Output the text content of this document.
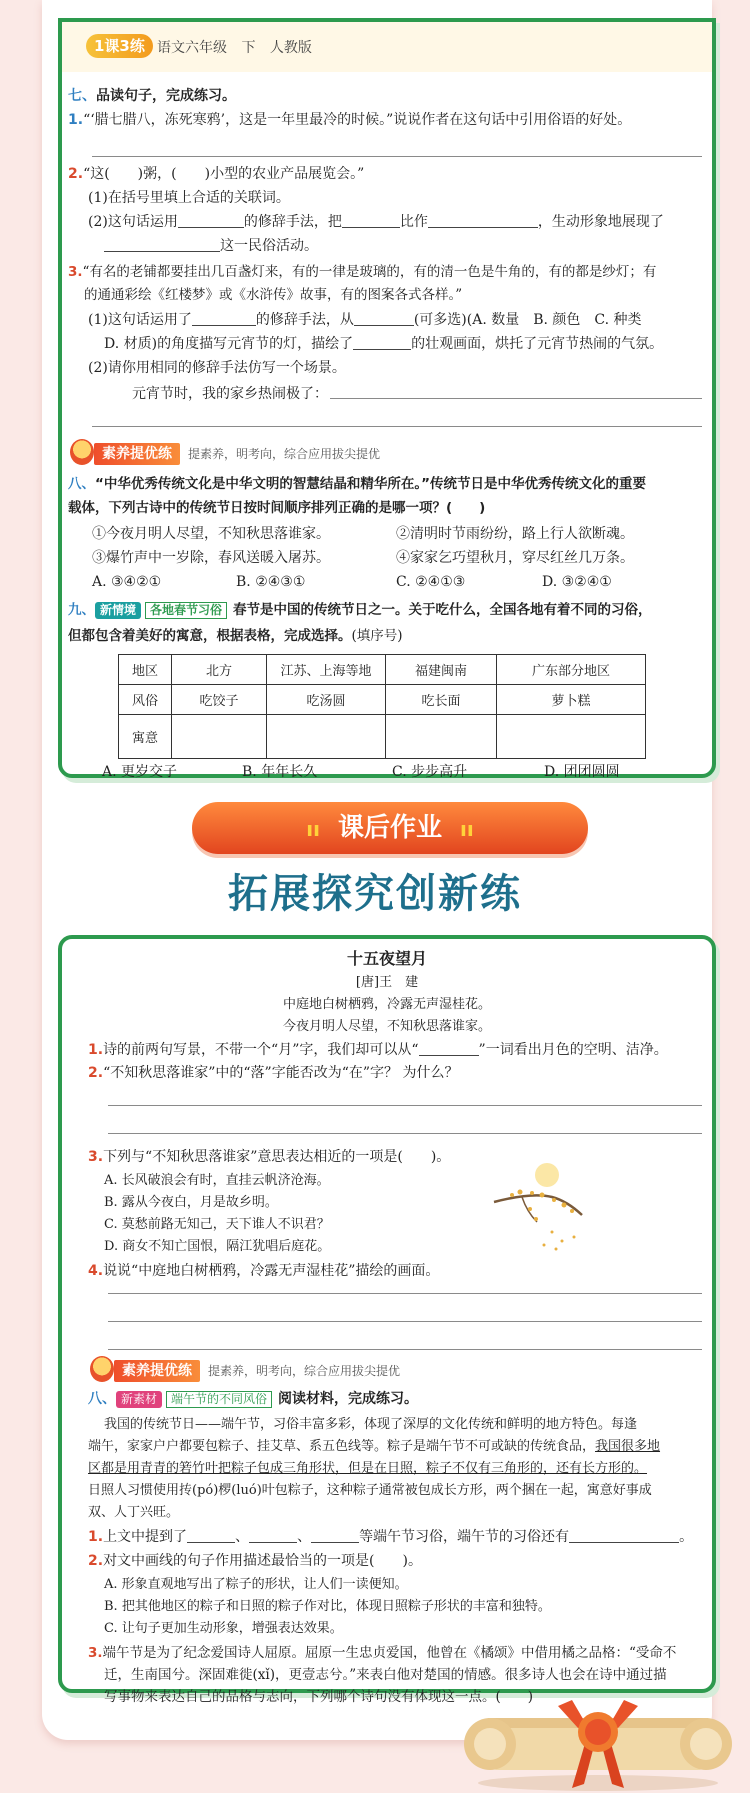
1课3练 语文六年级 下 人教版
七、品读句子，完成练习。
1.“‘腊七腊八，冻死寒鸦’，这是一年里最冷的时候。”说说作者在这句话中引用俗语的好处。
2.“这(　　)粥，(　　)小型的农业产品展览会。”
(1)在括号里填上合适的关联词。
(2)这句话运用	的修辞手法，把	比作	，生动形象地展现了
这一民俗活动。
3.“有名的老铺都要挂出几百盏灯来，有的一律是玻璃的，有的清一色是牛角的，有的都是纱灯；有
的通通彩绘《红楼梦》或《水浒传》故事，有的图案各式各样。”
(1)这句话运用了	的修辞手法，从	(可多选)(A. 数量　B. 颜色　C. 种类
D. 材质)的角度描写元宵节的灯，描绘了	的壮观画面，烘托了元宵节热闹的气氛。
(2)请你用相同的修辞手法仿写一个场景。
元宵节时，我的家乡热闹极了：
素养提优练 提素养，明考向，综合应用拔尖提优
八、“中华优秀传统文化是中华文明的智慧结晶和精华所在。”传统节日是中华优秀传统文化的重要
载体，下列古诗中的传统节日按时间顺序排列正确的是哪一项？(　　)
①今夜月明人尽望，不知秋思落谁家。	②清明时节雨纷纷，路上行人欲断魂。
③爆竹声中一岁除，春风送暖入屠苏。	④家家乞巧望秋月，穿尽红丝几万条。
A. ③④②①	B. ②④③①	C. ②④①③	D. ③②④①
九、 新情境 各地春节习俗 春节是中国的传统节日之一。关于吃什么，全国各地有着不同的习俗，
但都包含着美好的寓意，根据表格，完成选择。(填序号)
地区	北方	江苏、上海等地	福建闽南	广东部分地区
风俗	吃饺子	吃汤圆	吃长面	萝卜糕
寓意				
A. 更岁交子	B. 年年长久	C. 步步高升	D. 团团圆圆
ıı 课后作业 ıı
拓展探究创新练
十五夜望月
[唐]王　建
中庭地白树栖鸦，冷露无声湿桂花。
今夜月明人尽望，不知秋思落谁家。
1.诗的前两句写景，不带一个“月”字，我们却可以从“	”一词看出月色的空明、洁净。
2.“不知秋思落谁家”中的“落”字能否改为“在”字？ 为什么？
3.下列与“不知秋思落谁家”意思表达相近的一项是(　　)。
A. 长风破浪会有时，直挂云帆济沧海。
B. 露从今夜白，月是故乡明。
C. 莫愁前路无知己，天下谁人不识君？
D. 商女不知亡国恨，隔江犹唱后庭花。
4.说说“中庭地白树栖鸦，冷露无声湿桂花”描绘的画面。
素养提优练 提素养，明考向，综合应用拔尖提优
八、 新素材 端午节的不同风俗 阅读材料，完成练习。
我国的传统节日——端午节，习俗丰富多彩，体现了深厚的文化传统和鲜明的地方特色。每逢
端午，家家户户都要包粽子、挂艾草、系五色线等。粽子是端午节不可或缺的传统食品，我国很多地
区都是用青青的箬竹叶把粽子包成三角形状，但是在日照，粽子不仅有三角形的，还有长方形的。
日照人习惯使用抟(pó)椤(luó)叶包粽子，这种粽子通常被包成长方形，两个捆在一起，寓意好事成
双、人丁兴旺。
1.上文中提到了	、	、	等端午节习俗，端午节的习俗还有	。
2.对文中画线的句子作用描述最恰当的一项是(　　)。
A. 形象直观地写出了粽子的形状，让人们一读便知。
B. 把其他地区的粽子和日照的粽子作对比，体现日照粽子形状的丰富和独特。
C. 让句子更加生动形象，增强表达效果。
3.端午节是为了纪念爱国诗人屈原。屈原一生忠贞爱国，他曾在《橘颂》中借用橘之品格：“受命不
迁，生南国兮。深固难徙(xǐ)，更壹志兮。”来表白他对楚国的情感。很多诗人也会在诗中通过描
写事物来表达自己的品格与志向，下列哪个诗句没有体现这一点。(　　)
